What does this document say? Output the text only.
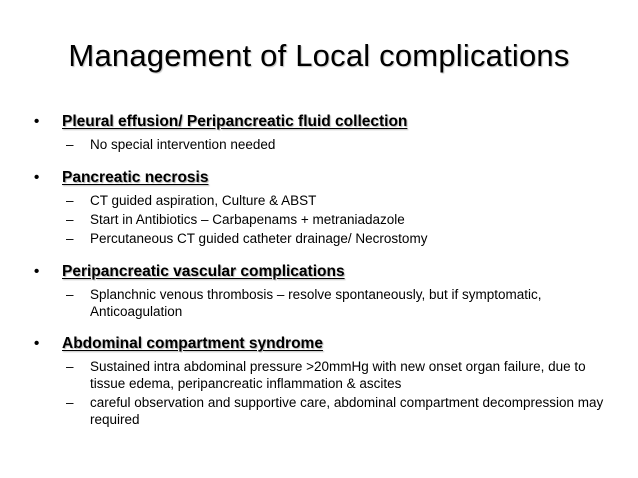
Management of Local complications
•	Pleural effusion/ Peripancreatic fluid collection
– No special intervention needed
•	Pancreatic necrosis
– CT guided aspiration, Culture & ABST
– Start in Antibiotics – Carbapenams + metraniadazole
– Percutaneous CT guided catheter drainage/ Necrostomy
•	Peripancreatic vascular complications
– Splanchnic venous thrombosis – resolve spontaneously, but if symptomatic, Anticoagulation
•	Abdominal compartment syndrome
– Sustained intra abdominal pressure >20mmHg with new onset organ failure, due to tissue edema, peripancreatic inflammation & ascites
– careful observation and supportive care, abdominal compartment decompression may required
